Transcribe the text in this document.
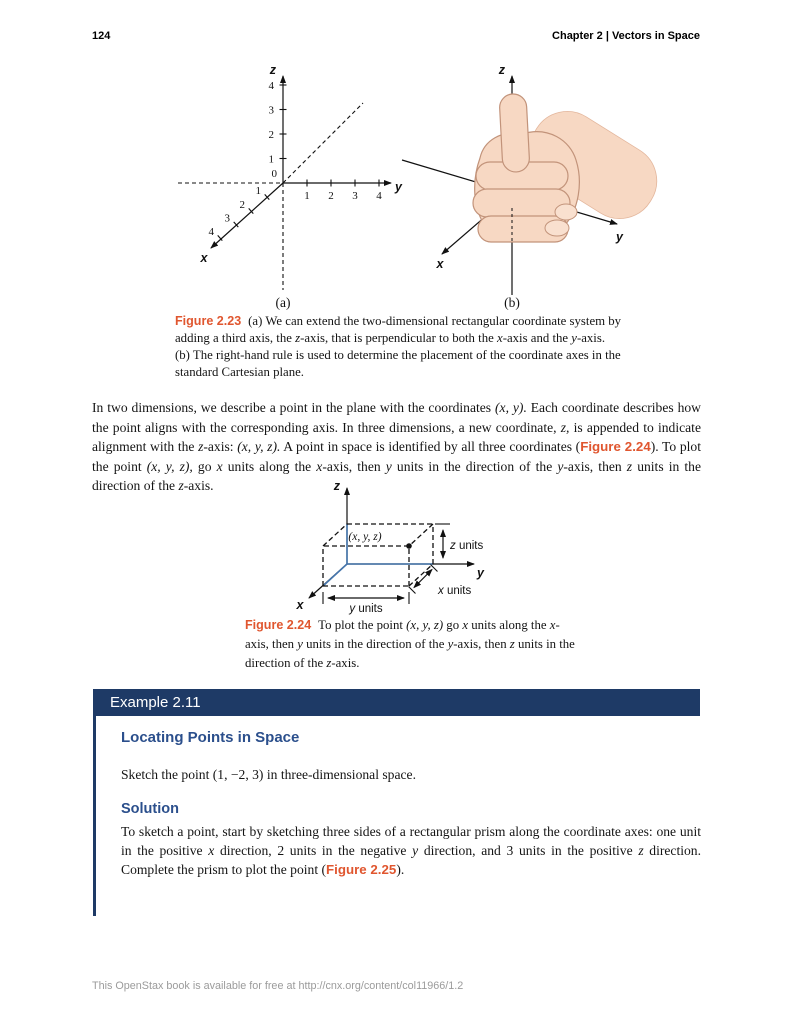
124	Chapter 2 | Vectors in Space
1
2
3
4
1 2 3 4
1
2
3
4
0
z
y
x
(a)
z
y
x
(b)
Figure 2.23 (a) We can extend the two-dimensional rectangular coordinate system by adding a third axis, the z-axis, that is perpendicular to both the x-axis and the y-axis. (b) The right-hand rule is used to determine the placement of the coordinate axes in the standard Cartesian plane.
In two dimensions, we describe a point in the plane with the coordinates (x, y). Each coordinate describes how the point aligns with the corresponding axis. In three dimensions, a new coordinate, z, is appended to indicate alignment with the z-axis: (x, y, z). A point in space is identified by all three coordinates (Figure 2.24). To plot the point (x, y, z), go x units along the x-axis, then y units in the direction of the y-axis, then z units in the direction of the z-axis.
(x, y, z)
z units
x units
y units
z
y
x
Figure 2.24 To plot the point (x, y, z) go x units along the x-axis, then y units in the direction of the y-axis, then z units in the direction of the z-axis.
Example 2.11
Locating Points in Space
Sketch the point (1, −2, 3) in three-dimensional space.
Solution
To sketch a point, start by sketching three sides of a rectangular prism along the coordinate axes: one unit in the positive x direction, 2 units in the negative y direction, and 3 units in the positive z direction. Complete the prism to plot the point (Figure 2.25).
This OpenStax book is available for free at http://cnx.org/content/col11966/1.2
